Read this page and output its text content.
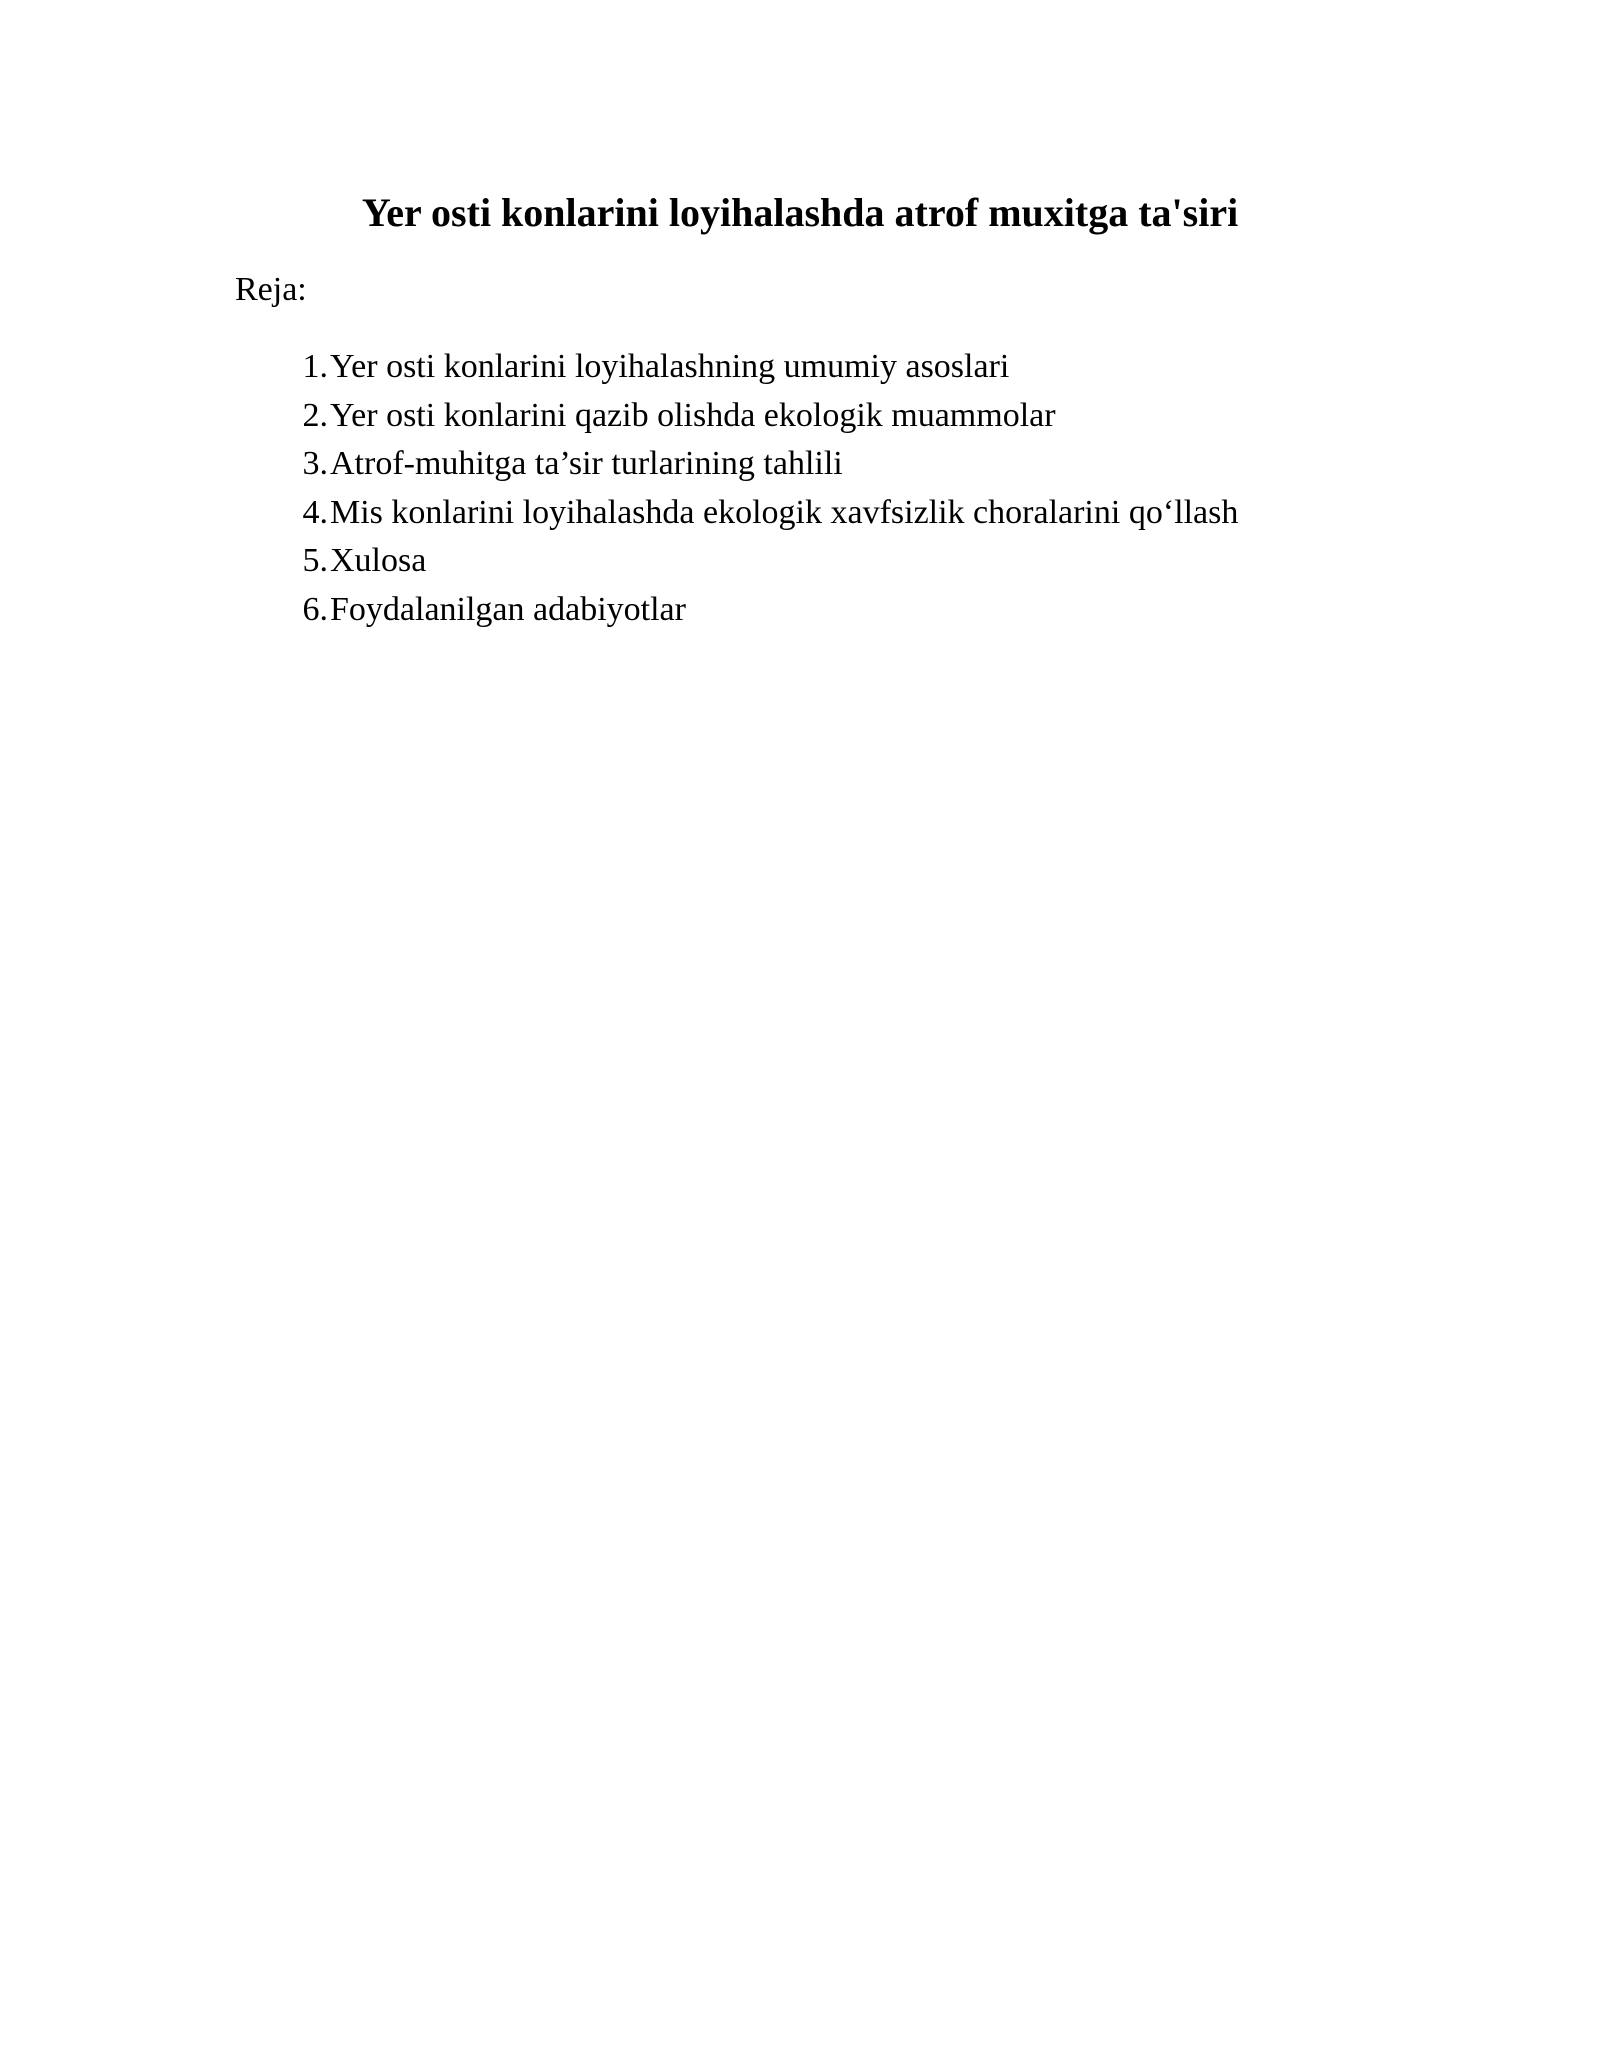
Yer osti konlarini loyihalashda atrof muxitga ta'siri

Reja:

1. Yer osti konlarini loyihalashning umumiy asoslari
2. Yer osti konlarini qazib olishda ekologik muammolar
3. Atrof-muhitga ta’sir turlarining tahlili
4. Mis konlarini loyihalashda ekologik xavfsizlik choralarini qo‘llash
5. Xulosa
6. Foydalanilgan adabiyotlar
